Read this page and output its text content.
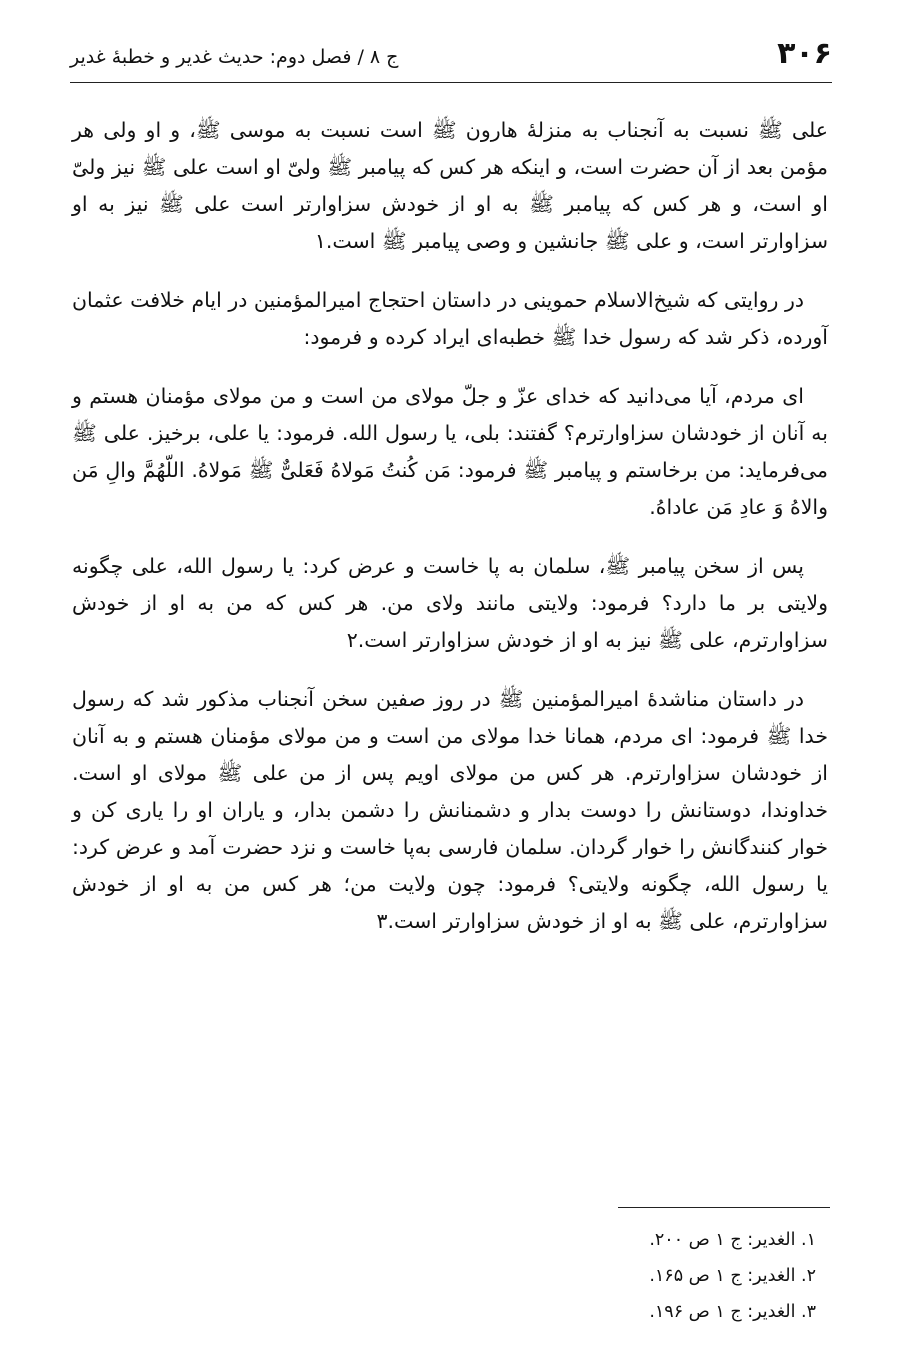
۳۰۶
ج ۸ / فصل دوم: حدیث غدیر و خطبهٔ غدیر

علی ﷺ نسبت به آنجناب به منزلهٔ هارون ﷺ است نسبت به موسی ﷺ، و او ولی هر مؤمن بعد از آن حضرت است، و اینکه هر کس که پیامبر ﷺ ولیّ او است علی ﷺ نیز ولیّ او است، و هر کس که پیامبر ﷺ به او از خودش سزاوارتر است علی ﷺ نیز به او سزاوارتر است، و علی ﷺ جانشین و وصی پیامبر ﷺ است.۱

در روایتی که شیخ‌الاسلام حموینی در داستان احتجاج امیرالمؤمنین در ایام خلافت عثمان آورده، ذکر شد که رسول خدا ﷺ خطبه‌ای ایراد کرده و فرمود:

ای مردم، آیا می‌دانید که خدای عزّ و جلّ مولای من است و من مولای مؤمنان هستم و به آنان از خودشان سزاوارترم؟ گفتند: بلی، یا رسول الله. فرمود: یا علی، برخیز. علی ﷺ می‌فرماید: من برخاستم و پیامبر ﷺ فرمود: مَن کُنتُ مَولاهُ فَعَلیٌّ ﷺ مَولاهُ. اللّهُمَّ والِ مَن والاهُ وَ عادِ مَن عاداهُ.

پس از سخن پیامبر ﷺ، سلمان به پا خاست و عرض کرد: یا رسول الله، علی چگونه ولایتی بر ما دارد؟ فرمود: ولایتی مانند ولای من. هر کس که من به او از خودش سزاوارترم، علی ﷺ نیز به او از خودش سزاوارتر است.۲

در داستان مناشدهٔ امیرالمؤمنین ﷺ در روز صفین سخن آنجناب مذکور شد که رسول خدا ﷺ فرمود: ای مردم، همانا خدا مولای من است و من مولای مؤمنان هستم و به آنان از خودشان سزاوارترم. هر کس من مولای اویم پس از من علی ﷺ مولای او است. خداوندا، دوستانش را دوست بدار و دشمنانش را دشمن بدار، و یاران او را یاری کن و خوار کنندگانش را خوار گردان. سلمان فارسی به‌پا خاست و نزد حضرت آمد و عرض کرد: یا رسول الله، چگونه ولایتی؟ فرمود: چون ولایت من؛ هر کس من به او از خودش سزاوارترم، علی ﷺ به او از خودش سزاوارتر است.۳

۱. الغدیر: ج ۱ ص ۲۰۰.

۲. الغدیر: ج ۱ ص ۱۶۵.

۳. الغدیر: ج ۱ ص ۱۹۶.
